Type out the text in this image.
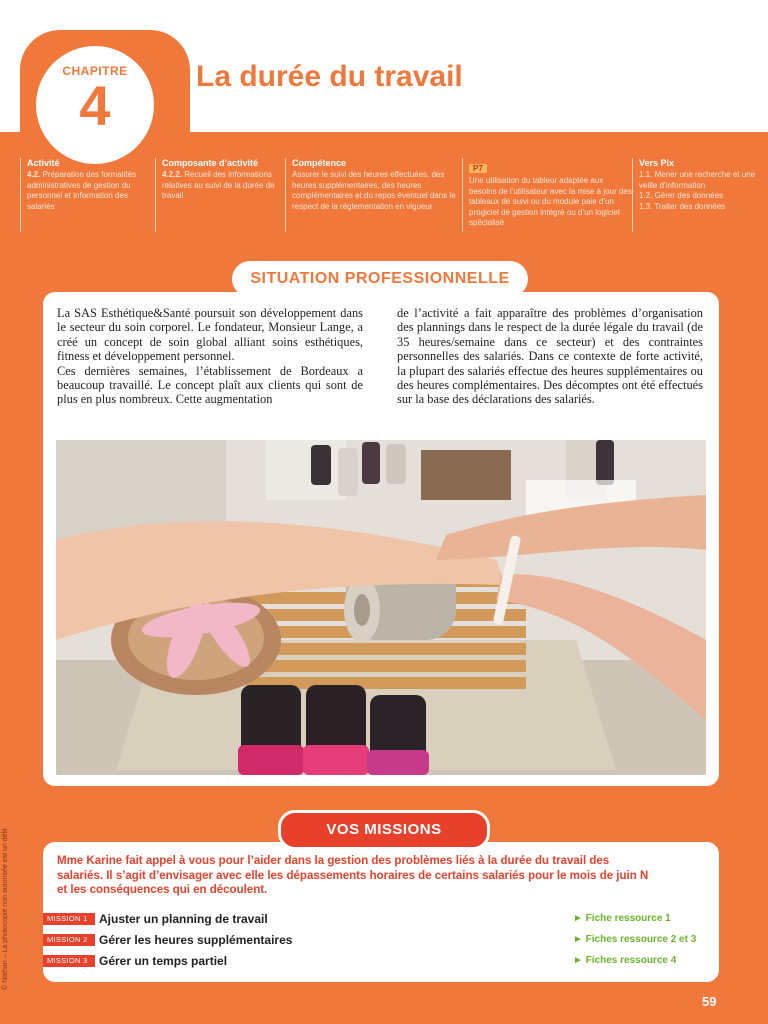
CHAPITRE
4	La durée du travail
Activité
4.2. Préparation des formalités administratives de gestion du personnel et information des salariés
Composante d’activité
4.2.2. Recueil des informations relatives au suivi de la durée de travail
Compétence
Assurer le suivi des heures effectuées, des heures supplémentaires, des heures complémentaires et du repos éventuel dans le respect de la réglementation en vigueur
P7
Une utilisation du tableur adaptée aux besoins de l’utilisateur avec la mise à jour des tableaux de suivi ou du module paie d’un progiciel de gestion intégré ou d’un logiciel spécialisé
Vers Pix
1.1. Mener une recherche et une veille d’information
1.2. Gérer des données
1.3. Traiter des données
La SAS Esthétique&Santé poursuit son développement dans le secteur du soin corporel. Le fondateur, Monsieur Lange, a créé un concept de soin global alliant soins esthétiques, fitness et développement personnel.
Ces dernières semaines, l’établissement de Bordeaux a beaucoup travaillé. Le concept plaît aux clients qui sont de plus en plus nombreux. Cette augmentation
de l’activité a fait apparaître des problèmes d’organisation des plannings dans le respect de la durée légale du travail (de 35 heures/semaine dans ce secteur) et des contraintes personnelles des salariés. Dans ce contexte de forte activité, la plupart des salariés effectue des heures supplémentaires ou des heures complémentaires. Des décomptes ont été effectués sur la base des déclarations des salariés.
SITUATION PROFESSIONNELLE
Mme Karine fait appel à vous pour l’aider dans la gestion des problèmes liés à la durée du travail des salariés. Il s’agit d’envisager avec elle les dépassements horaires de certains salariés pour le mois de juin N et les conséquences qui en découlent.
MISSION 1 Ajuster un planning de travail	► Fiche ressource 1
MISSION 2 Gérer les heures supplémentaires	► Fiches ressource 2 et 3
MISSION 3 Gérer un temps partiel	► Fiches ressource 4
VOS MISSIONS
© Nathan – La photocopie non autorisée est un délit
59
